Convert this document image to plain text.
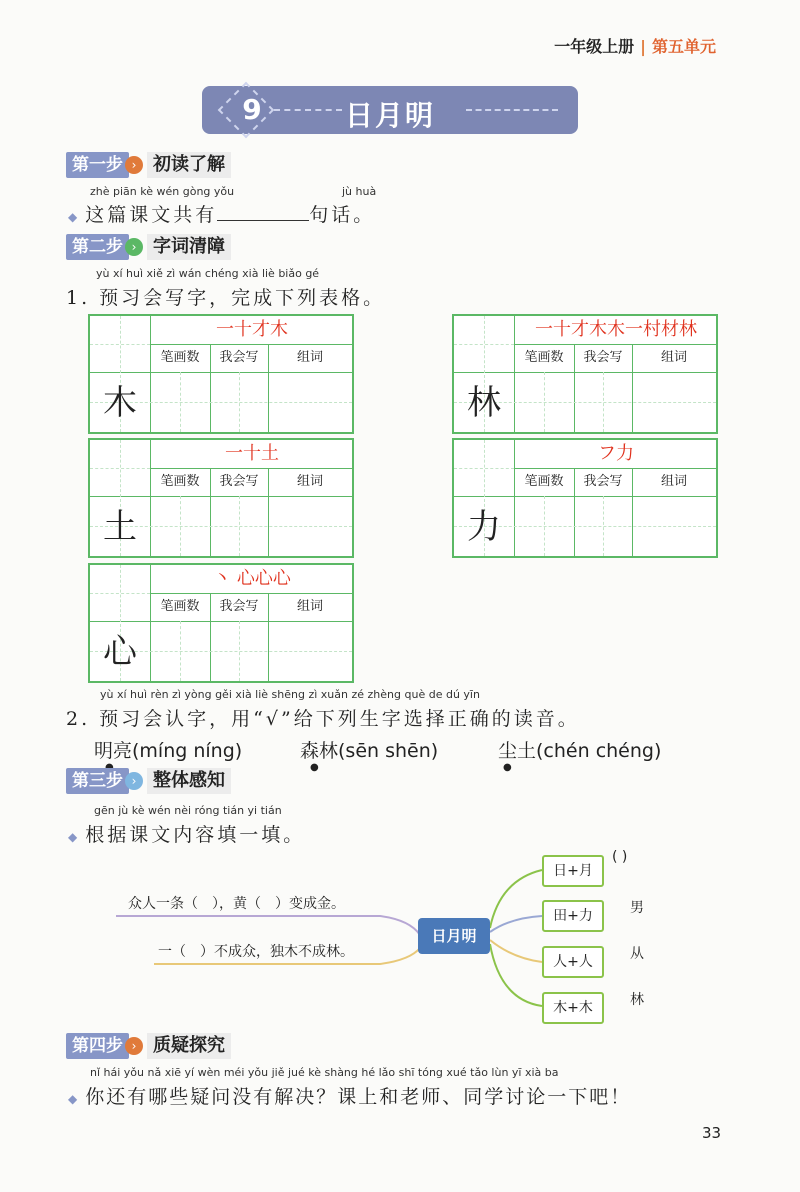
一年级上册 | 第五单元
9	日月明
第一步 › 初读了解
zhè piān kè wén gòng yǒu	jù huà
◆ 这篇课文共有	句话。
第二步 › 字词清障
yù xí huì xiě zì wán chéng xià liè biǎo gé
1. 预习会写字，完成下列表格。
一十才木
笔画数	我会写	组词
木
一十才木木一村材林
笔画数	我会写	组词
林
一十土
笔画数	我会写	组词
土
フ力
笔画数	我会写	组词
力
丶 心心心
笔画数	我会写	组词
心
yù xí huì rèn zì yòng gěi xià liè shēng zì xuǎn zé zhèng què de dú yīn
2. 预习会认字，用“√”给下列生字选择正确的读音。
明亮(míng níng)	森林(sēn shēn)	尘土(chén chéng)
●	●
第三步 › 整体感知
gēn jù kè wén nèi róng tián yi tián
◆ 根据课文内容填一填。
众人一条（　），黄（　）变成金。
一（　）不成众，独木不成林。
日月明
日+月
田+力
人+人
木+木
( )
男
从
林
第四步 › 质疑探究
nǐ hái yǒu nǎ xiē yí wèn méi yǒu jiě jué kè shàng hé lǎo shī tóng xué tǎo lùn yī xià ba
◆ 你还有哪些疑问没有解决？课上和老师、同学讨论一下吧！
33
